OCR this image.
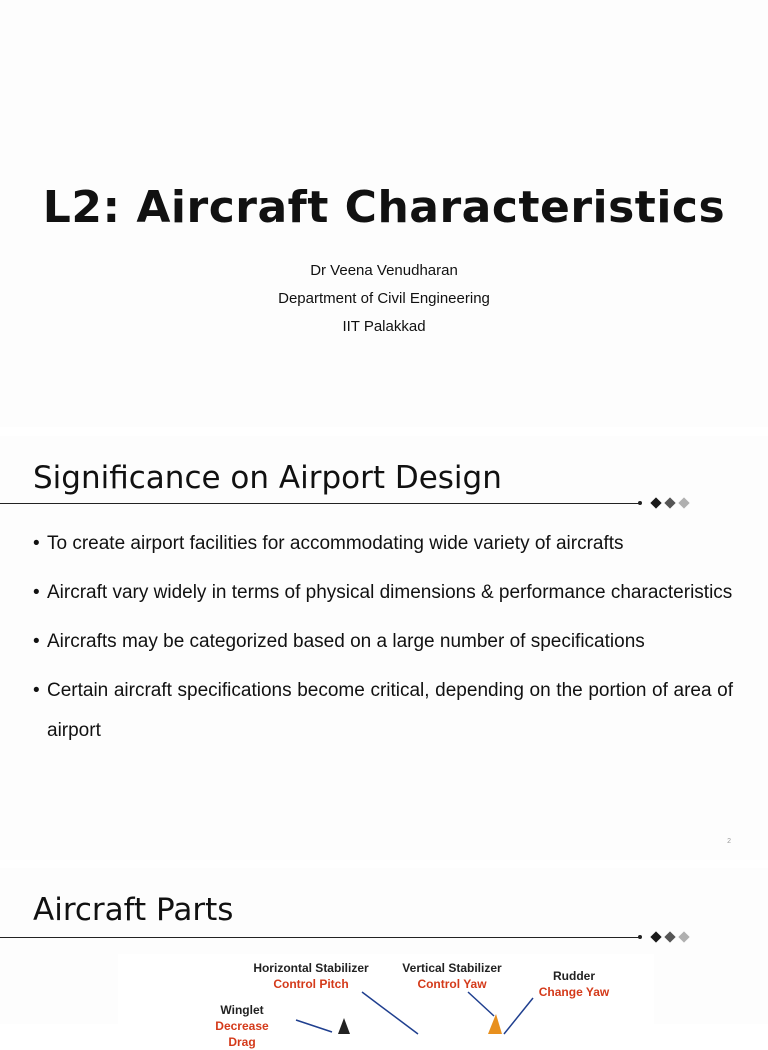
L2: Aircraft Characteristics

Dr Veena Venudharan

Department of Civil Engineering

IIT Palakkad

Significance on Airport Design
• To create airport facilities for accommodating wide variety of aircrafts
• Aircraft vary widely in terms of physical dimensions & performance characteristics
• Aircrafts may be categorized based on a large number of specifications
• Certain aircraft specifications become critical, depending on the portion of area of airport
2
Aircraft Parts
Horizontal Stabilizer
Control Pitch
Vertical Stabilizer
Control Yaw
Rudder
Change Yaw
Winglet
Decrease Drag
